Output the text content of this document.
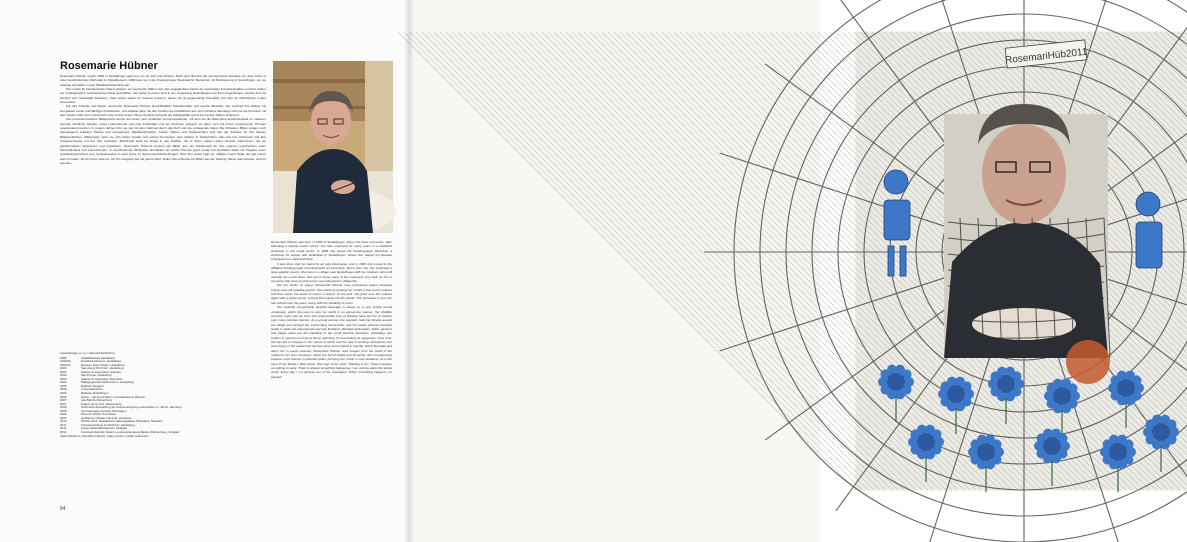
Rosemarie Hübner

Rosemarie Hübner wurde 1959 in Sindelfingen geboren, wo sie lebt und arbeitet. Nach dem Besuch der Sonderschule arbeitete sie viele Jahre in einer beschützenden Werkstatt im Metallbereich. 1986 kam sie in die Kreativgruppe Werkstatt für Menschen mit Behinderung in Sindelfingen, wo sie anfangs ebenfalls in einer Metallwerkstatt tätig war.

Hier wurde ihr künstlerisches Talent erkannt, sie wechselte 1999 in das dort angegliederte Atelier der vielseitigen Kunstwerkstätten und hat seither ein umfangreiches zeichnerisches Werk geschaffen. Sie wohnt in einem Dorf in der Umgebung Sindelfingens bei ihren Angehörigen, welche dort bis kürzlich eine Gaststätte betrieben. Viele Gäste waren ihr bestens bekannt, denen sie ist gegenwärtig freundlich und sehr an öffentlichem Leben interessiert.

Für ihre Arbeiten auf Papier verwendet Rosemarie Hübner ausschließlich Pastellkreiden und weiche Bleistifte. Sie zeichnet ihre Motive mit kompakten Linien und flächigen Farbfeldern, und arbeitet dann mit den Kreiden die Farbflächen aus. Zum Schluss allerdings zieht sie die Konturen mit dem spitzen Stift noch einmal tief in die Kreide hinein. Diese Technik und auch die Farbgestaltung hat sie mit den Jahren verfeinert.

Ihre unverwechselbare Bildsprache beruht auf einem sehr einfachen Formenvokabular, mit dem sie die Bildmotive ausdrucksstark zu variieren vermag. Kindliche Neugier, naive Lebensfreude und eine unbändige Lust am Zeichnen spiegeln sie dann, sich mit immer komplexeren Themen auseinanderzusetzen. In jungen Jahren fuhr sie viel mit dem Fahrrad durch das Dorf und die umliegende Natur. Die frühesten Bilder zeigen noch überwiegend seitwärts Häuser und Gewebenes: Waldlandschaften, Felder, Gärten und Dorfansichten sind hier die Kulissen für ihre kleinen Bildgeschichten. Mittlerweile zieht sie sich lieber zurück und schaut Fernsehen oder blättert in Zeitschriften. Das hat ihre Motivwelt und ihre Vorgehensweise mit der Zeit verändert. Manchmal sieht sie Dinge in den Medien, die in ihrem realen Leben niemals vorkommen, die sie gleichermaßen faszinieren und begeistern. Rosemarie Hübners benutzt die Bilder aus der Medienwelt für ihre eigenen Geschichten voller Menschlichkeit und Lebensfreude. In verschiedenen Bildzyklen durchleitet sie solche Themen ganz mutig und porträtiert dabei mit Hingabe einen Gestaltungsreichtum aus, beispielsweise in einer Serie zu Spinnennetzdarstellungen. Über ihre Arbeit sagt sie: »Malen macht Spaß. Es gibt immer was zu malen. Es ist immer was los. Ich bin neugierig auf die ganze Welt. Jeden Tag schneide ich Bilder aus der Zeitung. Wenn was passiert, wird es gemalt.«

Rosemarie Hübner was born in 1959 in Sindelfingen, where she lives and works. After attending a special needs school, she was employed for many years in a sheltered workshop in the metal sector. In 1986 she joined the Kreativgruppe Werkstatt, a workshop for people with disabilities in Sindelfingen, where she started out likewise employed in a metal workshop.

It was there that her talent for art was discovered, and in 1999 she moved to the affiliated Kreativgruppe Kunstwerkstatt art workshop. Since then she has produced a large graphic oeuvre. She lives in a village near Sindelfingen with her relatives, who until recently ran a pub there. She got to know many of the customers very well, as she is someone who loves to chat and is very interested in village life.

For her works on paper, Rosemarie Hübner uses exclusively pastel oil-based crayon and soft graphite pencils. She starts by drawing her motifs in fine pencil outlines and then works the areas of colour in crayon. At the end, she goes over the outlines again with a sharp pencil, scoring them deep into the pastel. This technique is one she has refined over the years, along with her handling of colour.

Her instantly recognizable pictorial language is based on a very simple formal vocabulary, which she uses to vary her motifs in an expressive manner. Her childlike curiosity, naïve joie de vivre and irrepressible love of drawing have led her to explore ever more complex themes. As a young woman she regularly rode her bicycle around the village and through the surrounding countryside, and her earlier pictures primarily testify to what she experienced and saw firsthand. Wooded landscapes, fields, gardens and village views are the backdrop to her small pictorial narratives. Nowadays she prefers to spend more time at home, watching TV and looking at magazines. Over time, this has led to changes in her choice of motifs and her way of working. Sometimes she sees things in the media that she has never encountered in real life, which fascinate and alarm her in equal measure. Rosemarie Hübner uses images from the world of the media for her own narratives, which are full of vitality and humanity. She courageously explores such themes in pictorial cycles, pursuing her motifs in new variations, as in the case of her Spider's Web series. She says of her work: 'Painting is fun. There is always something to paint. There is always something happening. I am curious about the whole world. Every day I cut pictures out of the newspaper. When something happens, it's painted.'

Ausstellungen (u. a.) / Selected Exhibitions
1989	Stadtbibliothek Heidelberg
1991/90	Rundfunk-Museum, Heidelberg
2001/04	Museum Haus Cajeth, Heidelberg
2003	Sammlung Prinzhorn, Heidelberg
2003	Galerie im Augustiner, Stuttgart
2003	Alte Pumpe, Heidelberg
2004	Galerie im Augustiner, Ettenheim
2004	Pädagogisches Fachzentrum, Heidelberg
2005	Rathaus Stuttgart
2005	Universität Erfurt
2006	Rathaus Sindelfingen
2006	Fokus – die Kunst Raum, Kunstakademie Weimar
2007	Alte Bahnhof Ehrenberg
2007	Galerie de la Cruz, Ravensburg
2008	vorhinsicht Ausstellung der Kreisvereinigung Lebenshilfe e.V., Berlin, Hamburg
2008	Internationales Festival, Bad Aagen
2008	Museum Würth, Künzelsau
2009	Hobbiecum Musée d'art brut, Lausanne
2010	INSITA 2010, Slowakische Nationalgalerie, Bratislava, Slowakei
2011	Kunstausstellung im Wohnhof, Heidelberg
2011	Luther-Spital-Wendepunkt, Stuttgart
2013	Kunstvermittelnder Award, Landesvereinigung Baden-Württemberg, Stuttgart
Viele Arbeiten in öffentlichen Besitz / Many works in public collections
84
RosemariHüb2011
